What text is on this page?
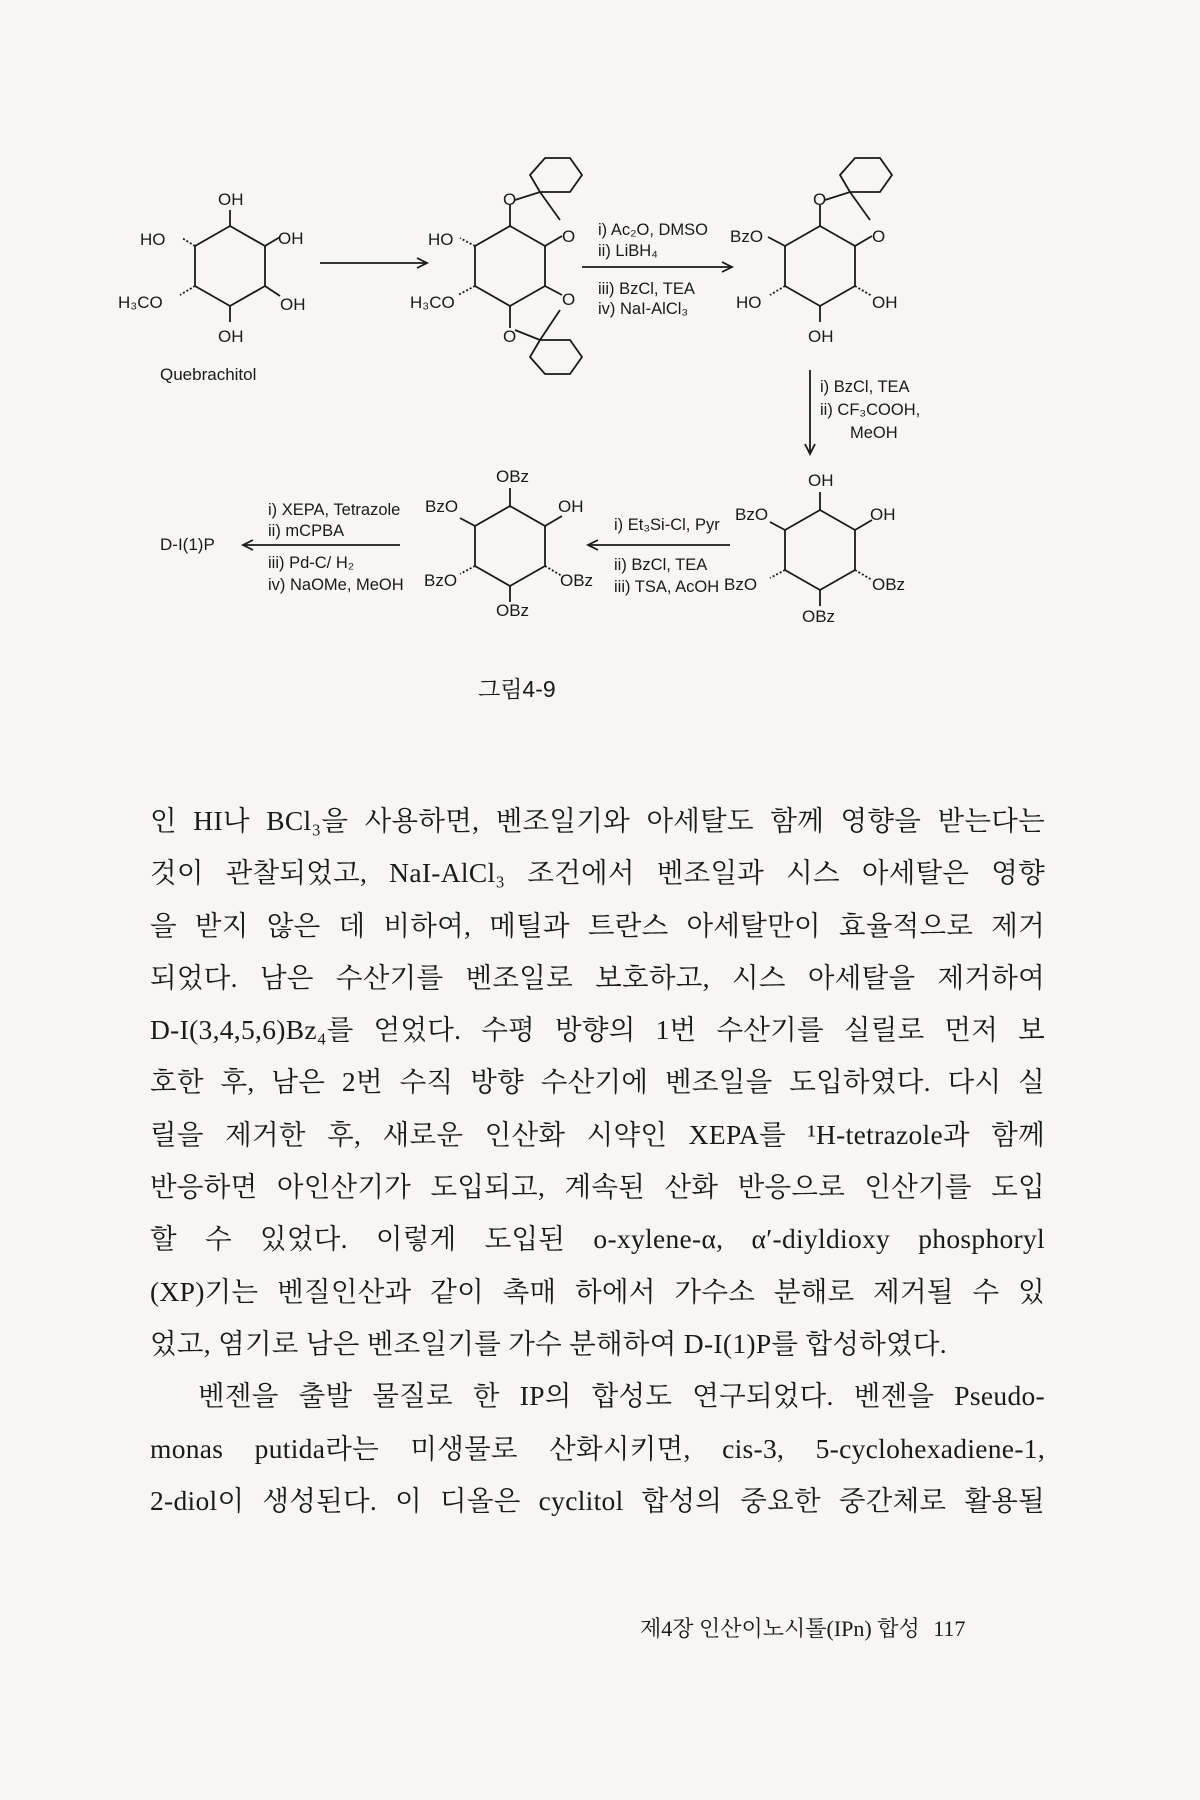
OH
HO	OH
H₃CO	OH
OH
Quebrachitol
O
O
HO
H₃CO	O
O
i) Ac₂O, DMSO
ii) LiBH₄
iii) BzCl, TEA
iv) NaI-AlCl₃
O
O
BzO
HO	OH
OH
i) BzCl, TEA
ii) CF₃COOH,
MeOH
OH
OH
BzO
BzO	OBz
OBz
i) Et₃Si-Cl, Pyr
ii) BzCl, TEA
iii) TSA, AcOH
OBz
OH
BzO
BzO	OBz
OBz
i) XEPA, Tetrazole
ii) mCPBA
iii) Pd-C/ H₂
iv) NaOMe, MeOH
D-I(1)P
그림4-9
인 HI나 BCl₃을 사용하면, 벤조일기와 아세탈도 함께 영향을 받는다는
것이 관찰되었고, NaI-AlCl₃ 조건에서 벤조일과 시스 아세탈은 영향
을 받지 않은 데 비하여, 메틸과 트란스 아세탈만이 효율적으로 제거
되었다. 남은 수산기를 벤조일로 보호하고, 시스 아세탈을 제거하여
D-I(3,4,5,6)Bz₄를 얻었다. 수평 방향의 1번 수산기를 실릴로 먼저 보
호한 후, 남은 2번 수직 방향 수산기에 벤조일을 도입하였다. 다시 실
릴을 제거한 후, 새로운 인산화 시약인 XEPA를 ¹H-tetrazole과 함께
반응하면 아인산기가 도입되고, 계속된 산화 반응으로 인산기를 도입
할 수 있었다. 이렇게 도입된 o-xylene-α, α′-diyldioxy phosphoryl
(XP)기는 벤질인산과 같이 촉매 하에서 가수소 분해로 제거될 수 있
었고, 염기로 남은 벤조일기를 가수 분해하여 D-I(1)P를 합성하였다.
벤젠을 출발 물질로 한 IP의 합성도 연구되었다. 벤젠을 Pseudo-
monas putida라는 미생물로 산화시키면, cis-3, 5-cyclohexadiene-1,
2-diol이 생성된다. 이 디올은 cyclitol 합성의 중요한 중간체로 활용될
제4장 인산이노시톨(IPn) 합성 117
